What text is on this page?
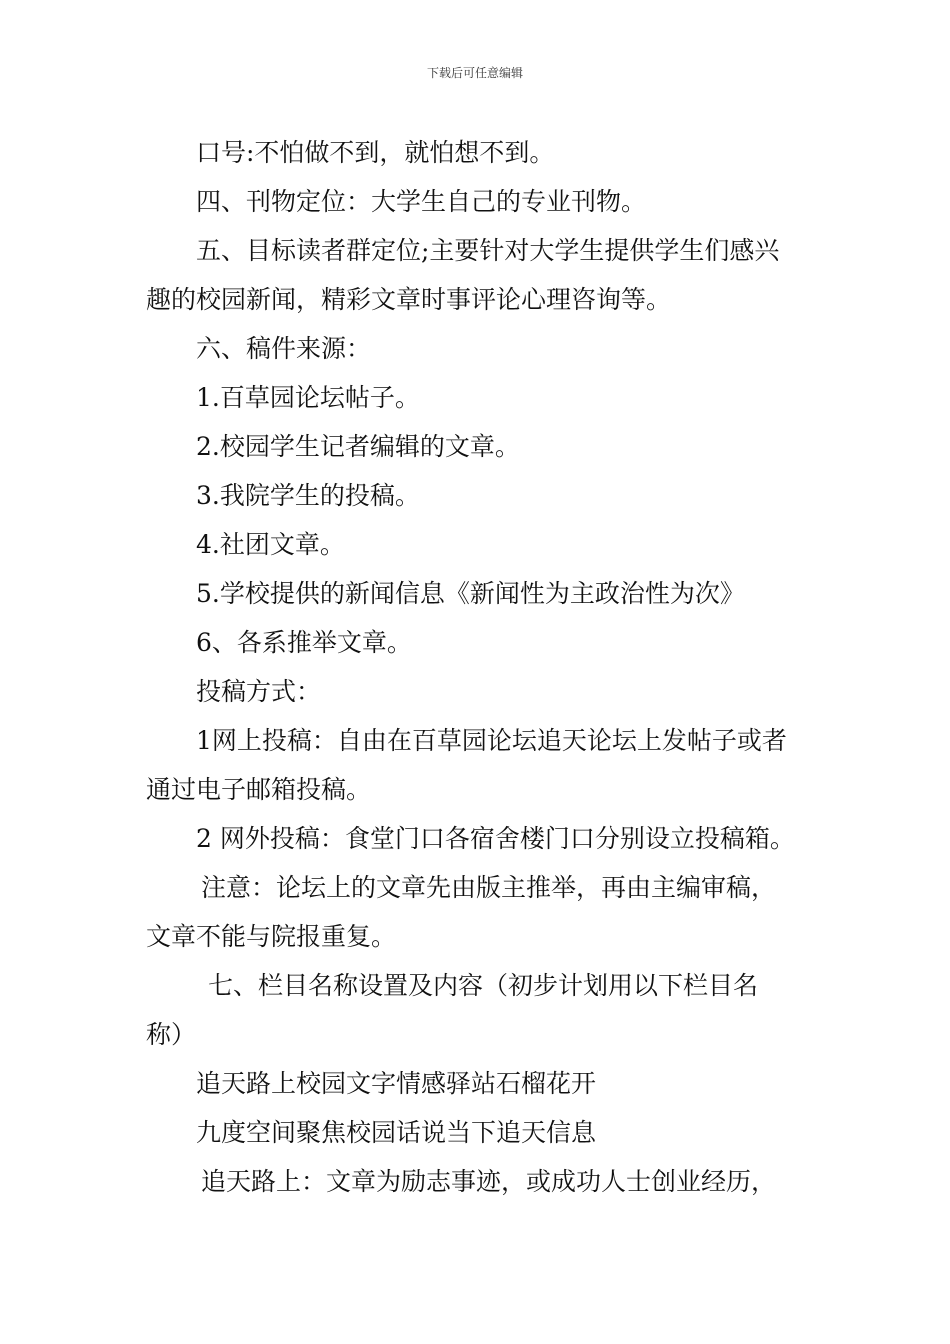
下载后可任意编辑
口号:不怕做不到，就怕想不到。
四、刊物定位：大学生自己的专业刊物。
五、目标读者群定位;主要针对大学生提供学生们感兴
趣的校园新闻，精彩文章时事评论心理咨询等。
六、稿件来源：
1.百草园论坛帖子。
2.校园学生记者编辑的文章。
3.我院学生的投稿。
4.社团文章。
5.学校提供的新闻信息《新闻性为主政治性为次》
6、各系推举文章。
投稿方式：
1网上投稿：自由在百草园论坛追天论坛上发帖子或者
通过电子邮箱投稿。
2 网外投稿：食堂门口各宿舍楼门口分别设立投稿箱。
注意：论坛上的文章先由版主推举，再由主编审稿，
文章不能与院报重复。
七、栏目名称设置及内容（初步计划用以下栏目名
称）
追天路上校园文字情感驿站石榴花开
九度空间聚焦校园话说当下追天信息
追天路上：文章为励志事迹，或成功人士创业经历，
